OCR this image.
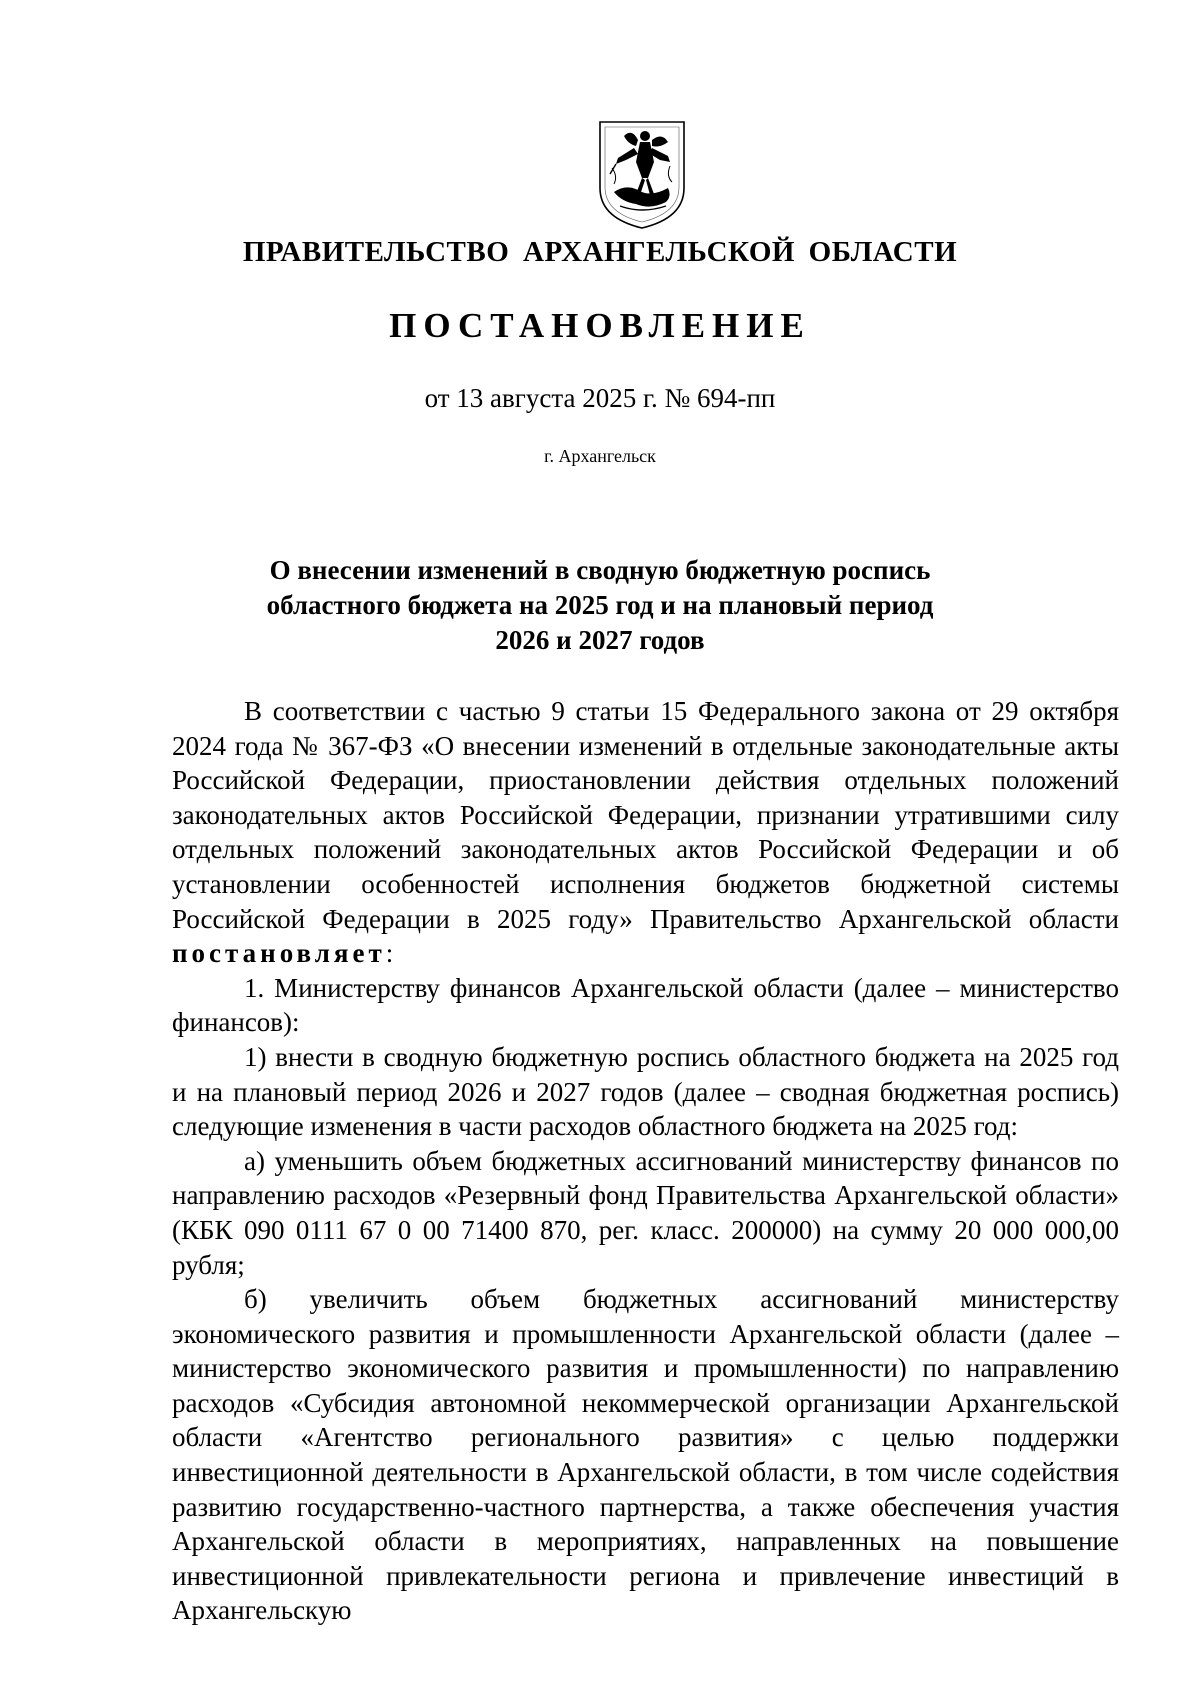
ПРАВИТЕЛЬСТВО АРХАНГЕЛЬСКОЙ ОБЛАСТИ
ПОСТАНОВЛЕНИЕ
от 13 августа 2025 г. № 694-пп
г. Архангельск
О внесении изменений в сводную бюджетную роспись
областного бюджета на 2025 год и на плановый период
2026 и 2027 годов

В соответствии с частью 9 статьи 15 Федерального закона от 29 октября 2024 года № 367-ФЗ «О внесении изменений в отдельные законодательные акты Российской Федерации, приостановлении действия отдельных положений законодательных актов Российской Федерации, признании утратившими силу отдельных положений законодательных актов Российской Федерации и об установлении особенностей исполнения бюджетов бюджетной системы Российской Федерации в 2025 году» Правительство Архангельской области постановляет:

1. Министерству финансов Архангельской области (далее – министерство финансов):

1) внести в сводную бюджетную роспись областного бюджета на 2025 год и на плановый период 2026 и 2027 годов (далее – сводная бюджетная роспись) следующие изменения в части расходов областного бюджета на 2025 год:

а) уменьшить объем бюджетных ассигнований министерству финансов по направлению расходов «Резервный фонд Правительства Архангельской области» (КБК 090 0111 67 0 00 71400 870, рег. класс. 200000) на сумму 20 000 000,00 рубля;

б) увеличить объем бюджетных ассигнований министерству экономического развития и промышленности Архангельской области (далее – министерство экономического развития и промышленности) по направлению расходов «Субсидия автономной некоммерческой организации Архангельской области «Агентство регионального развития» с целью поддержки инвестиционной деятельности в Архангельской области, в том числе содействия развитию государственно-частного партнерства, а также обеспечения участия Архангельской области в мероприятиях, направленных на повышение инвестиционной привлекательности региона и привлечение инвестиций в Архангельскую
